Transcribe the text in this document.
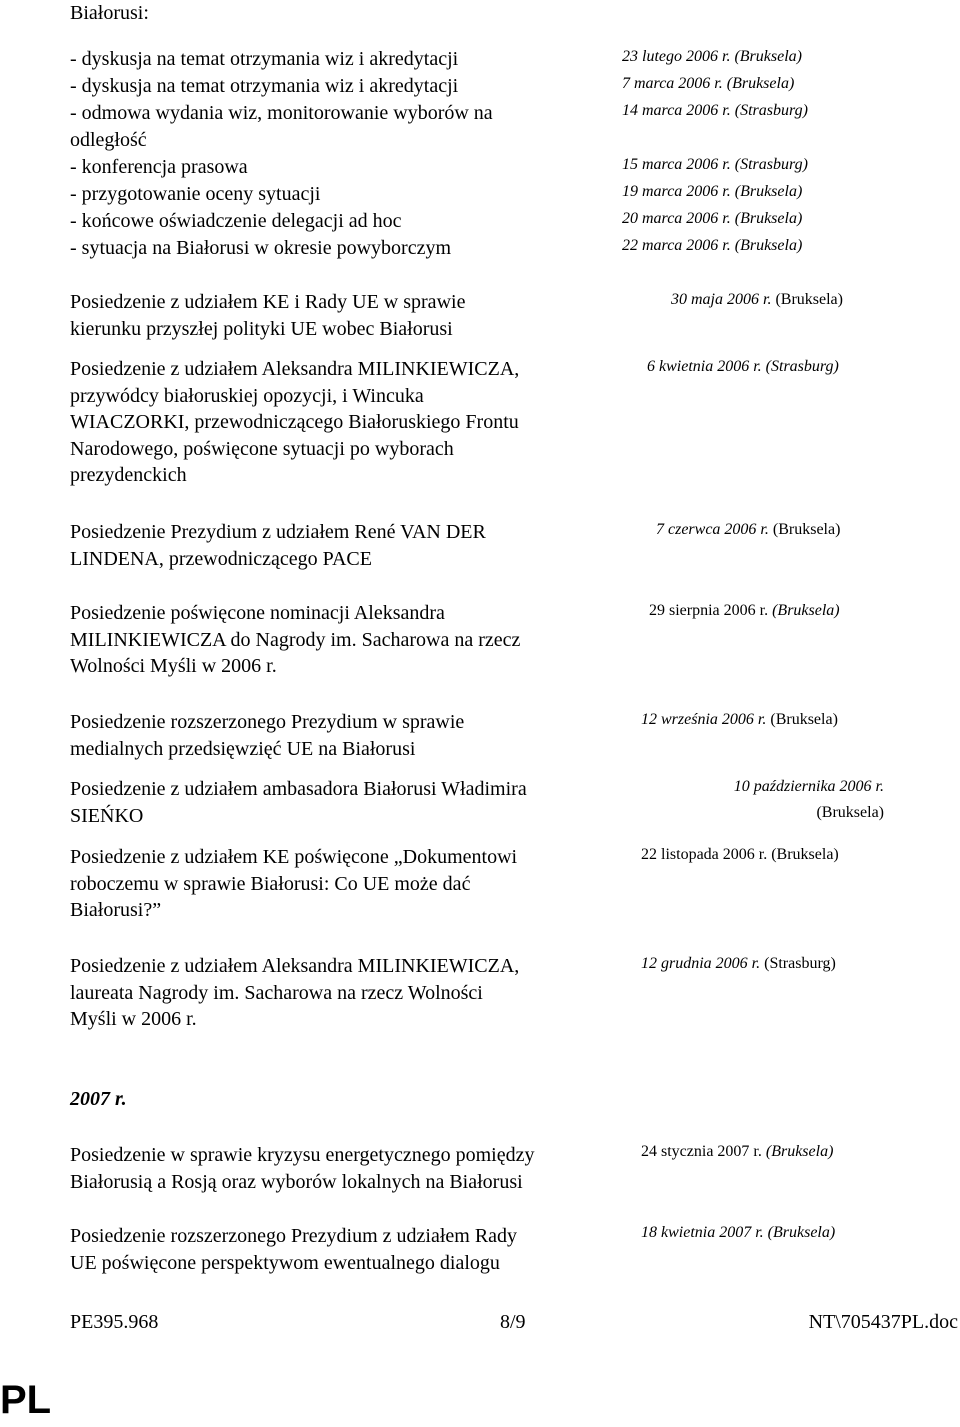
Białorusi:
- dyskusja na temat otrzymania wiz i akredytacji
- dyskusja na temat otrzymania wiz i akredytacji
- odmowa wydania wiz, monitorowanie wyborów na
odległość
- konferencja prasowa
- przygotowanie oceny sytuacji
- końcowe oświadczenie delegacji ad hoc
- sytuacja na Białorusi w okresie powyborczym
23 lutego 2006 r. (Bruksela)
7 marca 2006 r. (Bruksela)
14 marca 2006 r. (Strasburg)
15 marca 2006 r. (Strasburg)
19 marca 2006 r. (Bruksela)
20 marca 2006 r. (Bruksela)
22 marca 2006 r. (Bruksela)
Posiedzenie z udziałem KE i Rady UE w sprawie
kierunku przyszłej polityki UE wobec Białorusi
30 maja 2006 r. (Bruksela)
Posiedzenie z udziałem Aleksandra MILINKIEWICZA,
przywódcy białoruskiej opozycji, i Wincuka
WIACZORKI, przewodniczącego Białoruskiego Frontu
Narodowego, poświęcone sytuacji po wyborach
prezydenckich
6 kwietnia 2006 r. (Strasburg)
Posiedzenie Prezydium z udziałem René VAN DER
LINDENA, przewodniczącego PACE
7 czerwca 2006 r. (Bruksela)
Posiedzenie poświęcone nominacji Aleksandra
MILINKIEWICZA do Nagrody im. Sacharowa na rzecz
Wolności Myśli w 2006 r.
29 sierpnia 2006 r. (Bruksela)
Posiedzenie rozszerzonego Prezydium w sprawie
medialnych przedsięwzięć UE na Białorusi
12 września 2006 r. (Bruksela)
Posiedzenie z udziałem ambasadora Białorusi Władimira
SIEŃKO
10 października 2006 r.
(Bruksela)
Posiedzenie z udziałem KE poświęcone „Dokumentowi
roboczemu w sprawie Białorusi: Co UE może dać
Białorusi?”
22 listopada 2006 r. (Bruksela)
Posiedzenie z udziałem Aleksandra MILINKIEWICZA,
laureata Nagrody im. Sacharowa na rzecz Wolności
Myśli w 2006 r.
12 grudnia 2006 r. (Strasburg)
2007 r.
Posiedzenie w sprawie kryzysu energetycznego pomiędzy
Białorusią a Rosją oraz wyborów lokalnych na Białorusi
24 stycznia 2007 r. (Bruksela)
Posiedzenie rozszerzonego Prezydium z udziałem Rady
UE poświęcone perspektywom ewentualnego dialogu
18 kwietnia 2007 r. (Bruksela)
PE395.968	8/9	NT\705437PL.doc
PL
